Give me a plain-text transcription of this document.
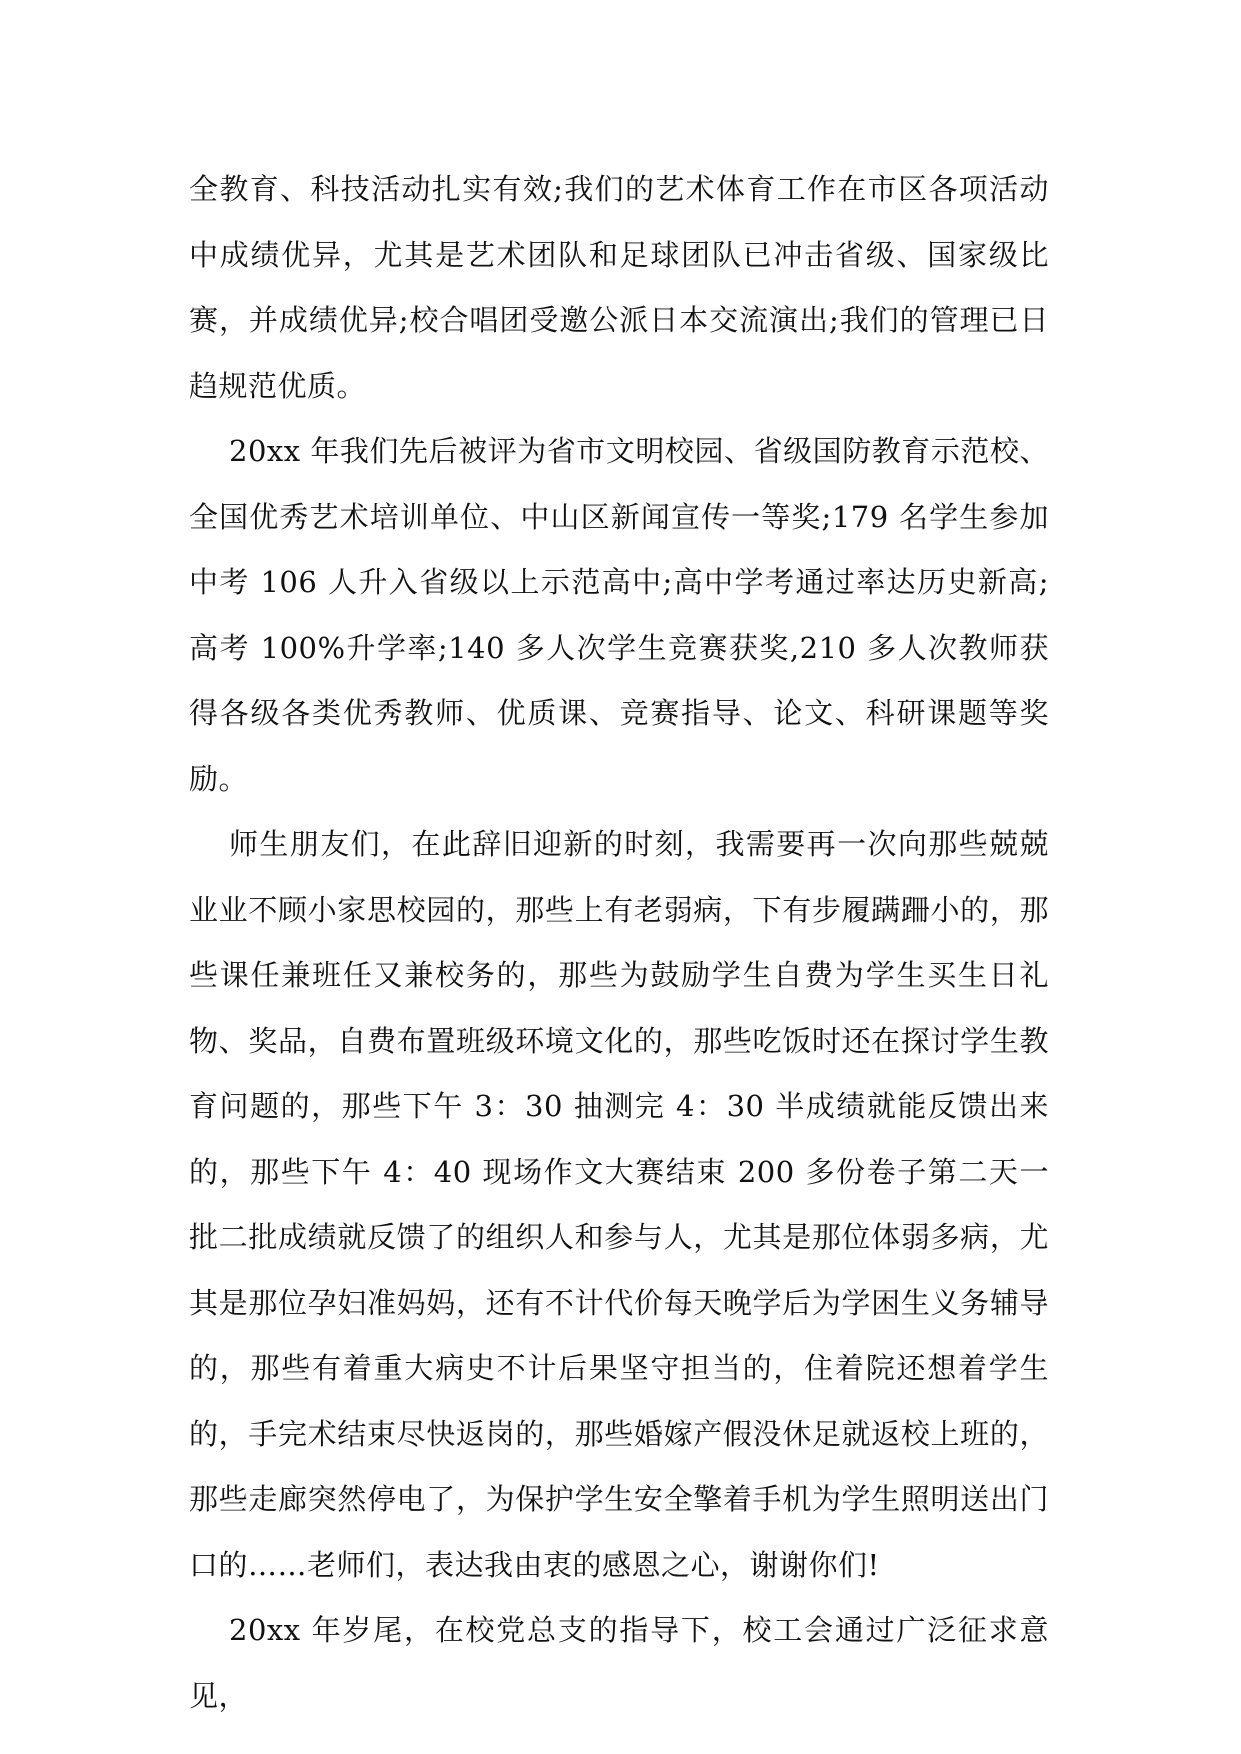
全教育、科技活动扎实有效;我们的艺术体育工作在市区各项活动中成绩优异，尤其是艺术团队和足球团队已冲击省级、国家级比赛，并成绩优异;校合唱团受邀公派日本交流演出;我们的管理已日趋规范优质。

20xx 年我们先后被评为省市文明校园、省级国防教育示范校、全国优秀艺术培训单位、中山区新闻宣传一等奖;179 名学生参加中考 106 人升入省级以上示范高中;高中学考通过率达历史新高;高考 100%升学率;140 多人次学生竞赛获奖,210 多人次教师获得各级各类优秀教师、优质课、竞赛指导、论文、科研课题等奖励。

师生朋友们，在此辞旧迎新的时刻，我需要再一次向那些兢兢业业不顾小家思校园的，那些上有老弱病，下有步履蹒跚小的，那些课任兼班任又兼校务的，那些为鼓励学生自费为学生买生日礼物、奖品，自费布置班级环境文化的，那些吃饭时还在探讨学生教育问题的，那些下午 3：30 抽测完 4：30 半成绩就能反馈出来的，那些下午 4：40 现场作文大赛结束 200 多份卷子第二天一批二批成绩就反馈了的组织人和参与人，尤其是那位体弱多病，尤其是那位孕妇准妈妈，还有不计代价每天晚学后为学困生义务辅导的，那些有着重大病史不计后果坚守担当的，住着院还想着学生的，手完术结束尽快返岗的，那些婚嫁产假没休足就返校上班的，那些走廊突然停电了，为保护学生安全擎着手机为学生照明送出门口的……老师们，表达我由衷的感恩之心，谢谢你们!

20xx 年岁尾，在校党总支的指导下，校工会通过广泛征求意见，
